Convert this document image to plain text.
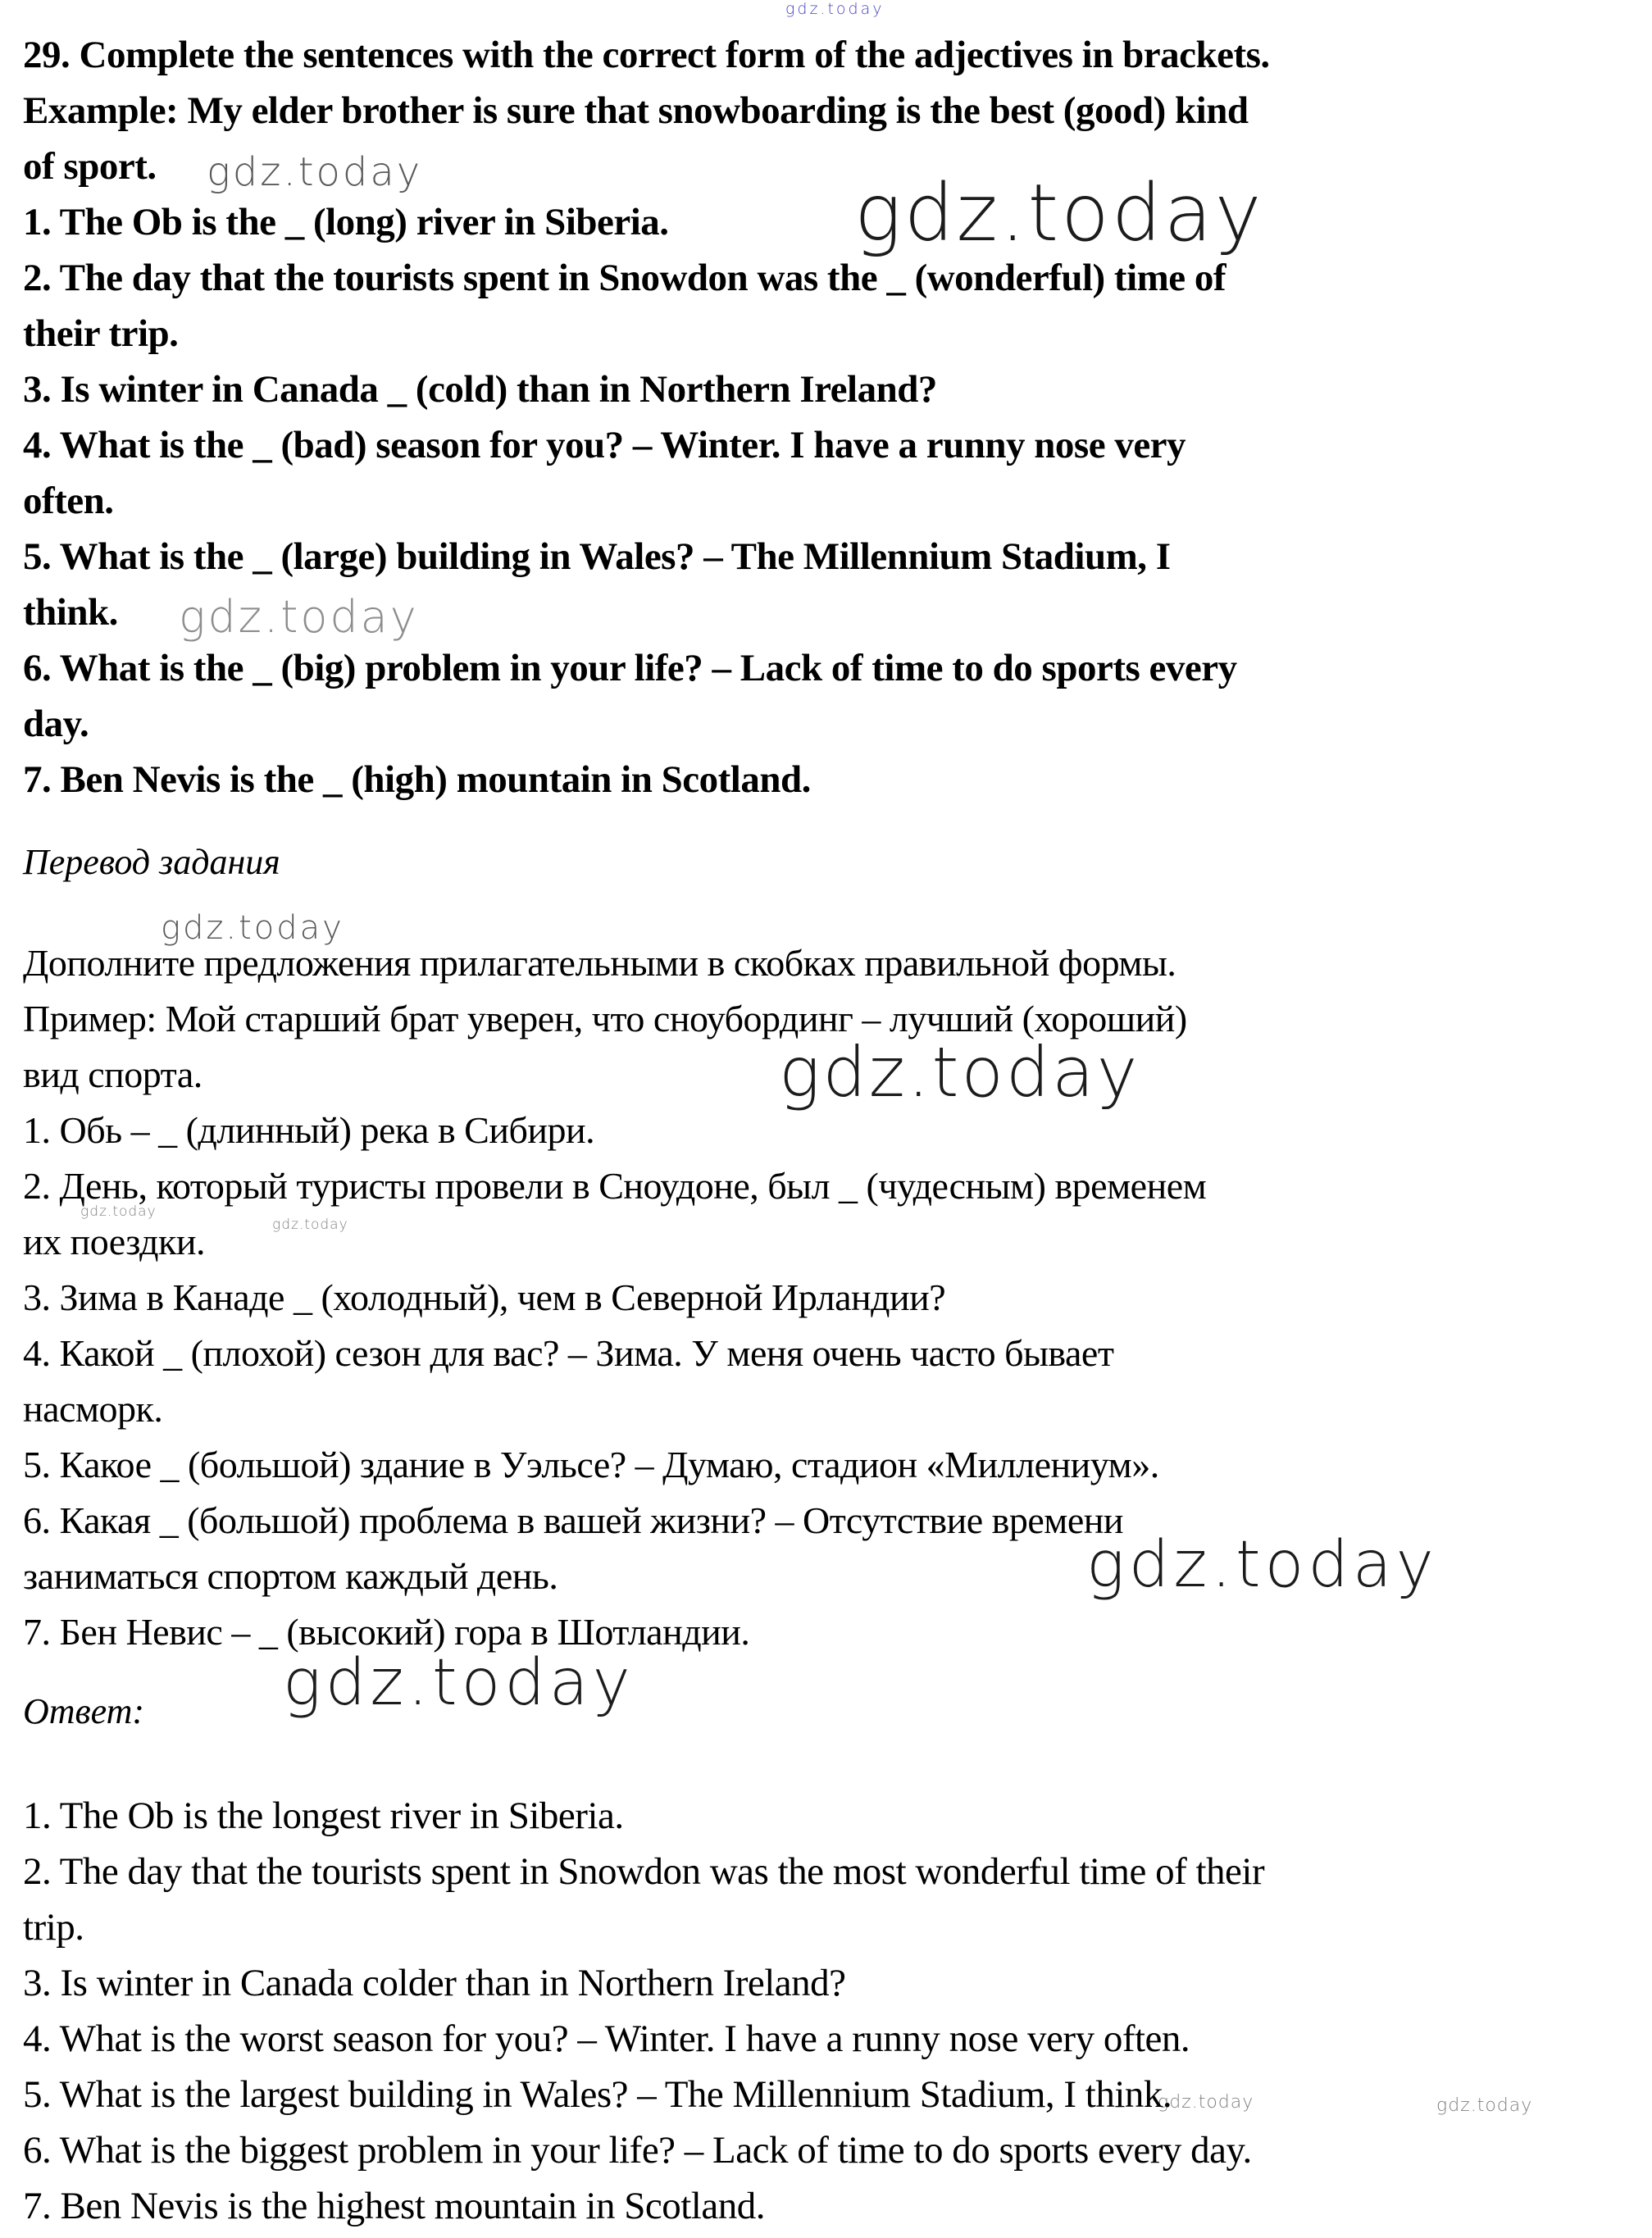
gdz.today
gdz.today	gdz.today
gdz.today
gdz.today
gdz.today
gdz.today
gdz.today
gdz.today
gdz.today
gdz.today	gdz.today
29. Complete the sentences with the correct form of the adjectives in brackets.
Example: My elder brother is sure that snowboarding is the best (good) kind
of sport.
1. The Ob is the _ (long) river in Siberia.
2. The day that the tourists spent in Snowdon was the _ (wonderful) time of
their trip.
3. Is winter in Canada _ (cold) than in Northern Ireland?
4. What is the _ (bad) season for you? – Winter. I have a runny nose very
often.
5. What is the _ (large) building in Wales? – The Millennium Stadium, I
think.
6. What is the _ (big) problem in your life? – Lack of time to do sports every
day.
7. Ben Nevis is the _ (high) mountain in Scotland.
Перевод задания
Дополните предложения прилагательными в скобках правильной формы.
Пример: Мой старший брат уверен, что сноубординг – лучший (хороший)
вид спорта.
1. Обь – _ (длинный) река в Сибири.
2. День, который туристы провели в Сноудоне, был _ (чудесным) временем
их поездки.
3. Зима в Канаде _ (холодный), чем в Северной Ирландии?
4. Какой _ (плохой) сезон для вас? – Зима. У меня очень часто бывает
насморк.
5. Какое _ (большой) здание в Уэльсе? – Думаю, стадион «Миллениум».
6. Какая _ (большой) проблема в вашей жизни? – Отсутствие времени
заниматься спортом каждый день.
7. Бен Невис – _ (высокий) гора в Шотландии.
Ответ:
1. The Ob is the longest river in Siberia.
2. The day that the tourists spent in Snowdon was the most wonderful time of their
trip.
3. Is winter in Canada colder than in Northern Ireland?
4. What is the worst season for you? – Winter. I have a runny nose very often.
5. What is the largest building in Wales? – The Millennium Stadium, I think.
6. What is the biggest problem in your life? – Lack of time to do sports every day.
7. Ben Nevis is the highest mountain in Scotland.
